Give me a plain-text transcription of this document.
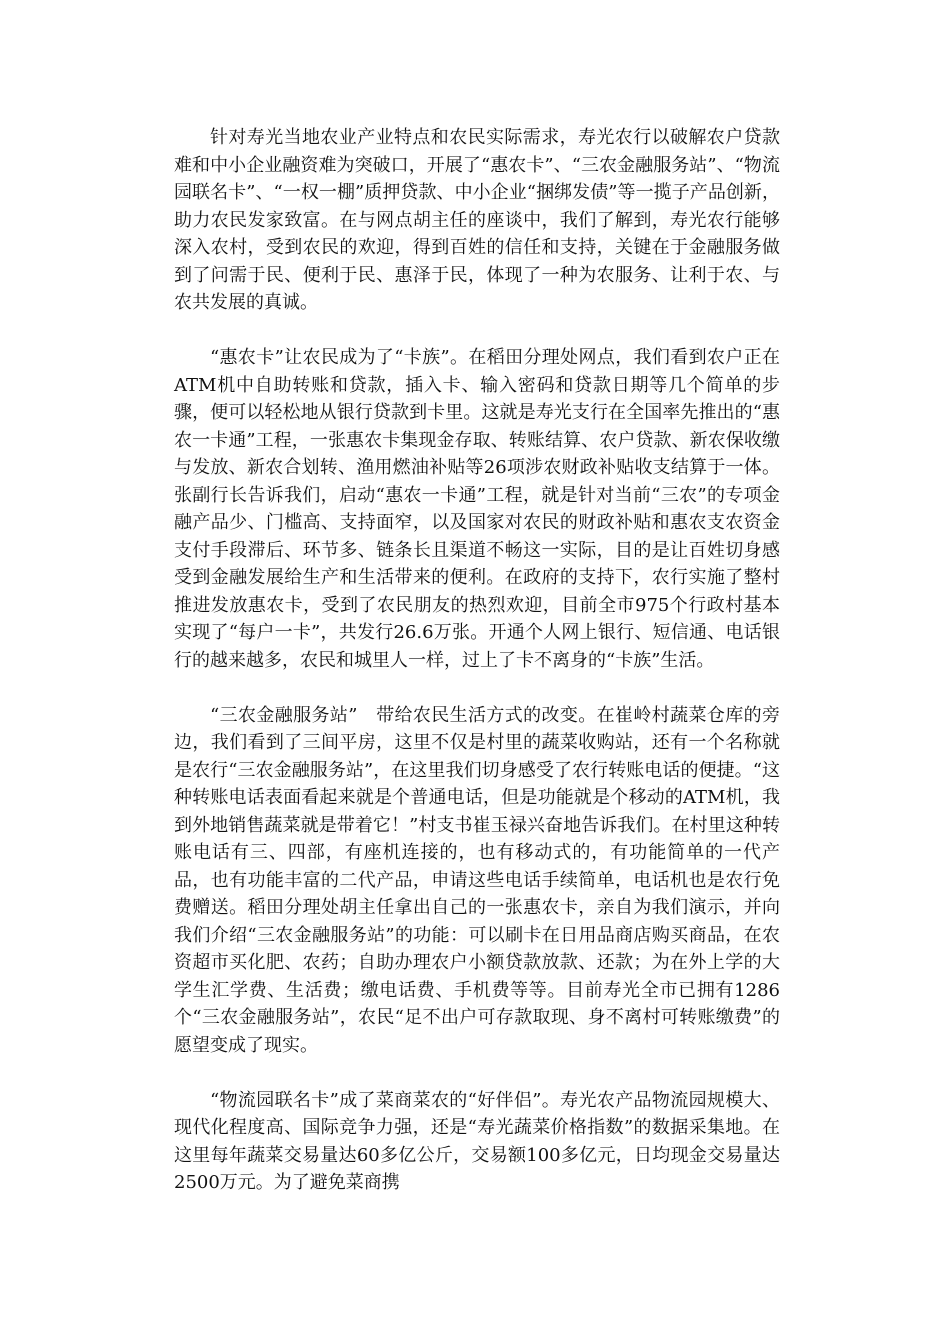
针对寿光当地农业产业特点和农民实际需求，寿光农行以破解农户贷款难和中小企业融资难为突破口，开展了“惠农卡”、“三农金融服务站”、“物流园联名卡”、“一权一棚”质押贷款、中小企业“捆绑发债”等一揽子产品创新，助力农民发家致富。在与网点胡主任的座谈中，我们了解到，寿光农行能够深入农村，受到农民的欢迎，得到百姓的信任和支持，关键在于金融服务做到了问需于民、便利于民、惠泽于民，体现了一种为农服务、让利于农、与农共发展的真诚。

“惠农卡”让农民成为了“卡族”。在稻田分理处网点，我们看到农户正在ATM机中自助转账和贷款，插入卡、输入密码和贷款日期等几个简单的步骤，便可以轻松地从银行贷款到卡里。这就是寿光支行在全国率先推出的“惠农一卡通”工程，一张惠农卡集现金存取、转账结算、农户贷款、新农保收缴与发放、新农合划转、渔用燃油补贴等26项涉农财政补贴收支结算于一体。张副行长告诉我们，启动“惠农一卡通”工程，就是针对当前“三农”的专项金融产品少、门槛高、支持面窄，以及国家对农民的财政补贴和惠农支农资金支付手段滞后、环节多、链条长且渠道不畅这一实际，目的是让百姓切身感受到金融发展给生产和生活带来的便利。在政府的支持下，农行实施了整村推进发放惠农卡，受到了农民朋友的热烈欢迎，目前全市975个行政村基本实现了“每户一卡”，共发行26.6万张。开通个人网上银行、短信通、电话银行的越来越多，农民和城里人一样，过上了卡不离身的“卡族”生活。

“三农金融服务站”　带给农民生活方式的改变。在崔岭村蔬菜仓库的旁边，我们看到了三间平房，这里不仅是村里的蔬菜收购站，还有一个名称就是农行“三农金融服务站”，在这里我们切身感受了农行转账电话的便捷。“这种转账电话表面看起来就是个普通电话，但是功能就是个移动的ATM机，我到外地销售蔬菜就是带着它！”村支书崔玉禄兴奋地告诉我们。在村里这种转账电话有三、四部，有座机连接的，也有移动式的，有功能简单的一代产品，也有功能丰富的二代产品，申请这些电话手续简单，电话机也是农行免费赠送。稻田分理处胡主任拿出自己的一张惠农卡，亲自为我们演示，并向我们介绍“三农金融服务站”的功能：可以刷卡在日用品商店购买商品，在农资超市买化肥、农药；自助办理农户小额贷款放款、还款；为在外上学的大学生汇学费、生活费；缴电话费、手机费等等。目前寿光全市已拥有1286个“三农金融服务站”，农民“足不出户可存款取现、身不离村可转账缴费”的愿望变成了现实。

“物流园联名卡”成了菜商菜农的“好伴侣”。寿光农产品物流园规模大、现代化程度高、国际竞争力强，还是“寿光蔬菜价格指数”的数据采集地。在这里每年蔬菜交易量达60多亿公斤，交易额100多亿元，日均现金交易量达2500万元。为了避免菜商携
